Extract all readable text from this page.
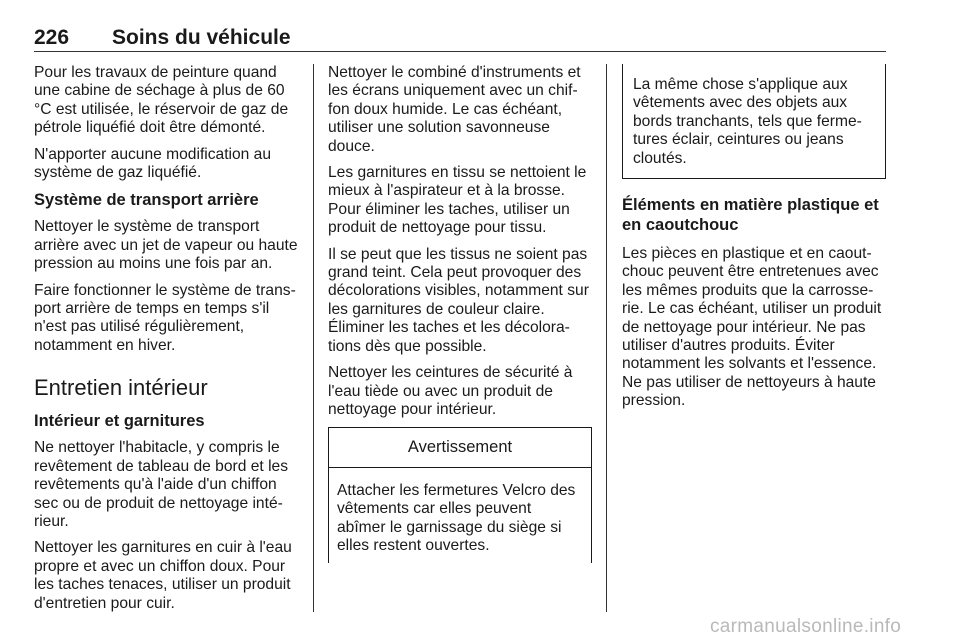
226 Soins du véhicule

Pour les travaux de peinture quand une cabine de séchage à plus de 60 °C est utilisée, le réservoir de gaz de pétrole liquéfié doit être démonté.

N'apporter aucune modification au système de gaz liquéfié.

Système de transport arrière

Nettoyer le système de transport arrière avec un jet de vapeur ou haute pression au moins une fois par an.

Faire fonctionner le système de transport arrière de temps en temps s'il n'est pas utilisé régulièrement, notamment en hiver.

Entretien intérieur
Intérieur et garnitures

Ne nettoyer l'habitacle, y compris le revêtement de tableau de bord et les revêtements qu'à l'aide d'un chiffon sec ou de produit de nettoyage intérieur.

Nettoyer les garnitures en cuir à l'eau propre et avec un chiffon doux. Pour les taches tenaces, utiliser un produit d'entretien pour cuir.

Nettoyer le combiné d'instruments et les écrans uniquement avec un chiffon doux humide. Le cas échéant, utiliser une solution savonneuse douce.

Les garnitures en tissu se nettoient le mieux à l'aspirateur et à la brosse. Pour éliminer les taches, utiliser un produit de nettoyage pour tissu.

Il se peut que les tissus ne soient pas grand teint. Cela peut provoquer des décolorations visibles, notamment sur les garnitures de couleur claire. Éliminer les taches et les décolorations dès que possible.

Nettoyer les ceintures de sécurité à l'eau tiède ou avec un produit de nettoyage pour intérieur.

Avertissement
Attacher les fermetures Velcro des vêtements car elles peuvent abîmer le garnissage du siège si elles restent ouvertes.
La même chose s'applique aux vêtements avec des objets aux bords tranchants, tels que fermetures éclair, ceintures ou jeans cloutés.
Éléments en matière plastique et en caoutchouc

Les pièces en plastique et en caoutchouc peuvent être entretenues avec les mêmes produits que la carrosserie. Le cas échéant, utiliser un produit de nettoyage pour intérieur. Ne pas utiliser d'autres produits. Éviter notamment les solvants et l'essence. Ne pas utiliser de nettoyeurs à haute pression.

carmanualsonline.info
